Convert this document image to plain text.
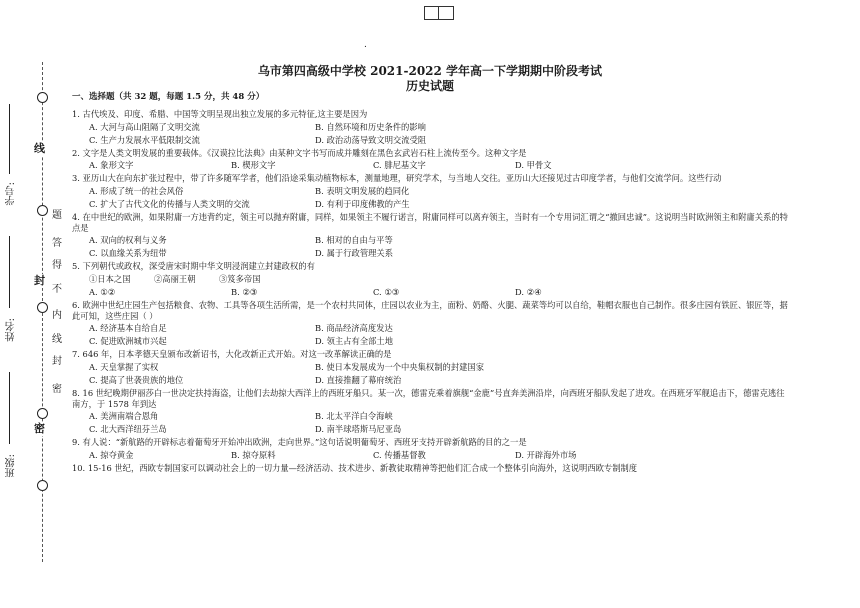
线
封
密
题
答
得
不
内
线
封
密
学号:
姓名:
班级:
.
乌市第四高级中学校 2021-2022 学年高一下学期期中阶段考试
历史试题
一、选择题（共 32 题，每题 1.5 分，共 48 分）
1. 古代埃及、印度、希腊、中国等文明呈现出独立发展的多元特征,这主要是因为
A. 大河与高山阻隔了文明交流	B. 自然环境和历史条件的影响
C. 生产力发展水平低限制交流	D. 政治动荡导致文明交流受阻
2. 文字是人类文明发展的重要载体。《汉谟拉比法典》由某种文字书写而成并雕刻在黑色玄武岩石柱上流传至今。这种文字是
A. 象形文字	B. 楔形文字	C. 腓尼基文字	D. 甲骨文
3. 亚历山大在向东扩张过程中，带了许多随军学者，他们沿途采集动植物标本，测量地理，研究学术，与当地人交往。亚历山大还接见过古印度学者，与他们交流学问。这些行动
A. 形成了统一的社会风俗	B. 表明文明发展的趋同化
C. 扩大了古代文化的传播与人类文明的交流	D. 有利于印度佛教的产生
4. 在中世纪的欧洲，如果附庸一方违背约定，领主可以抛弃附庸，同样，如果领主不履行诺言，附庸同样可以离弃领主，当时有一个专用词汇谓之“撤回忠诚”。这说明当时欧洲领主和附庸关系的特点是
A. 双向的权利与义务	B. 相对的自由与平等
C. 以血缘关系为纽带	D. 属于行政管理关系
5. 下列朝代或政权，深受唐宋时期中华文明浸润建立封建政权的有
①日本之国	②高丽王朝	③笈多帝国
A. ①②	B. ②③	C. ①③	D. ②④
6. 欧洲中世纪庄园生产包括粮食、农物、工具等各项生活所需，是一个农村共同体，庄园以农业为主，面粉、奶酪、火腿、蔬菜等均可以自给，鞋帽衣服也自己制作。很多庄园有铁匠、银匠等，据此可知，这些庄园（ ）
A. 经济基本自给自足	B. 商品经济高度发达
C. 促进欧洲城市兴起	D. 领主占有全部土地
7. 646 年，日本孝德天皇颁布改新诏书，大化改新正式开始。对这一改革解读正确的是
A. 天皇掌握了实权	B. 使日本发展成为一个中央集权制的封建国家
C. 提高了世袭贵族的地位	D. 直接推翻了幕府统治
8. 16 世纪晚期伊丽莎白一世决定扶持海盗，让他们去劫掠大西洋上的西班牙船只。某一次，德雷克乘着旗舰“金鹿”号直奔美洲沿岸，向西班牙船队发起了进攻。在西班牙军舰追击下，德雷克逃往南方，于 1578 年到达
A. 美洲南端合恩角	B. 北太平洋白令海峡
C. 北大西洋纽芬兰岛	D. 南半球塔斯马尼亚岛
9. 有人说：“新航路的开辟标志着葡萄牙开始冲出欧洲，走向世界。”这句话说明葡萄牙、西班牙支持开辟新航路的目的之一是
A. 掠夺黄金	B. 掠夺原料	C. 传播基督教	D. 开辟海外市场
10. 15-16 世纪，西欧专制国家可以调动社会上的一切力量—经济活动、技术进步、新教徒取精神等把他们汇合成一个整体引向海外，这说明西欧专制制度
